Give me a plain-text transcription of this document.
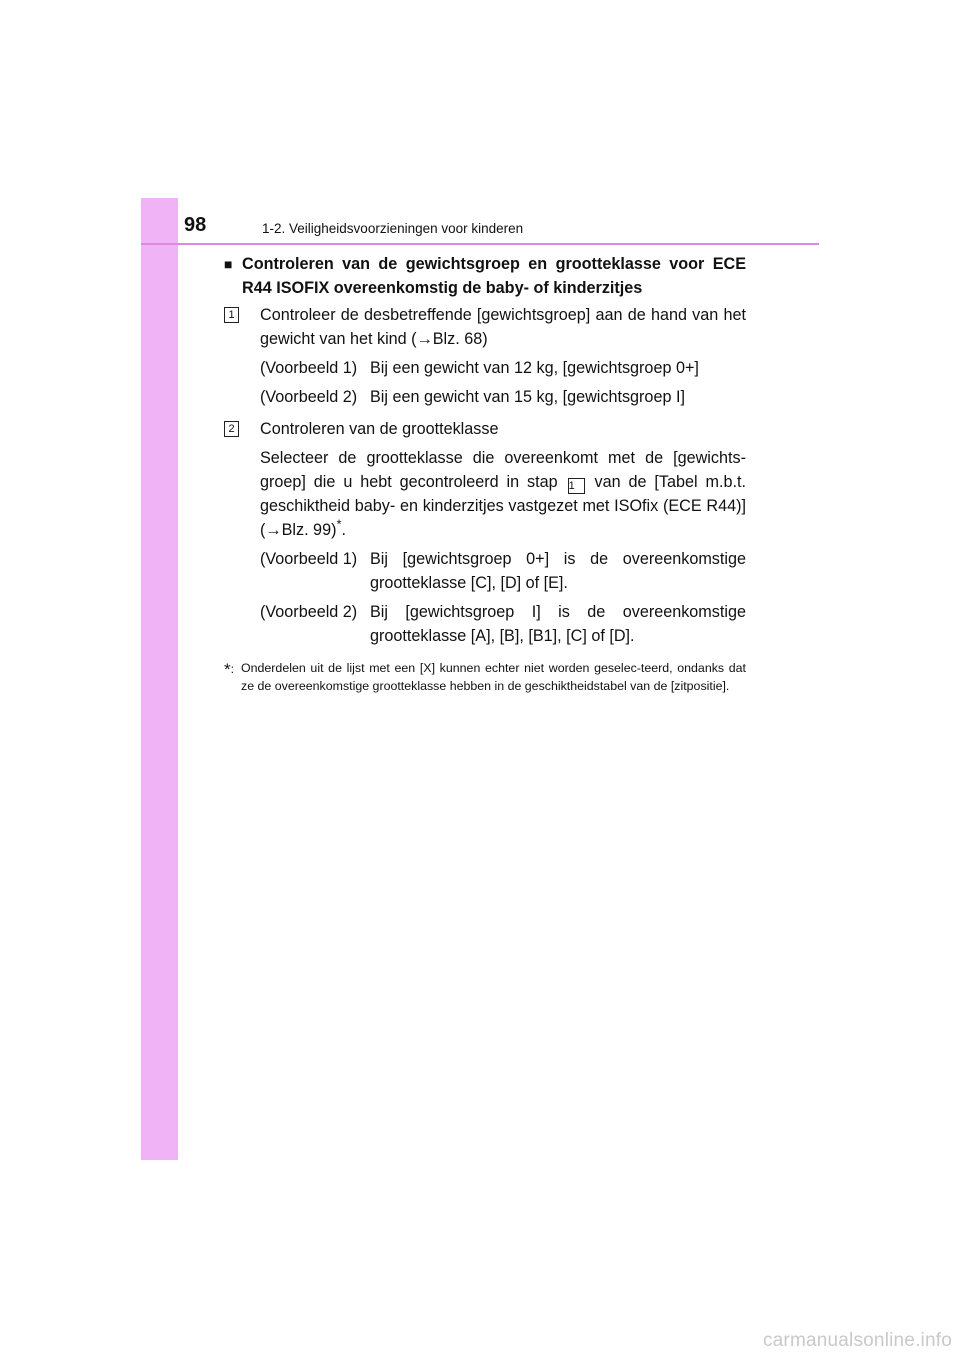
98	1-2. Veiligheidsvoorzieningen voor kinderen
■ Controleren van de gewichtsgroep en grootteklasse voor ECE R44 ISOFIX overeenkomstig de baby- of kinderzitjes
1 Controleer de desbetreffende [gewichtsgroep] aan de hand van het gewicht van het kind (→Blz. 68)

(Voorbeeld 1) Bij een gewicht van 12 kg, [gewichtsgroep 0+]
(Voorbeeld 2) Bij een gewicht van 15 kg, [gewichtsgroep I]
2 Controleren van de grootteklasse

Selecteer de grootteklasse die overeenkomt met de [gewichts-groep] die u hebt gecontroleerd in stap 1 van de [Tabel m.b.t. geschiktheid baby- en kinderzitjes vastgezet met ISOfix (ECE R44)] (→Blz. 99)*.

(Voorbeeld 1) Bij [gewichtsgroep 0+] is de overeenkomstige grootteklasse [C], [D] of [E].
(Voorbeeld 2) Bij [gewichtsgroep I] is de overeenkomstige grootteklasse [A], [B], [B1], [C] of [D].
*: Onderdelen uit de lijst met een [X] kunnen echter niet worden geselec-teerd, ondanks dat ze de overeenkomstige grootteklasse hebben in de geschiktheidstabel van de [zitpositie].
carmanualsonline.info
